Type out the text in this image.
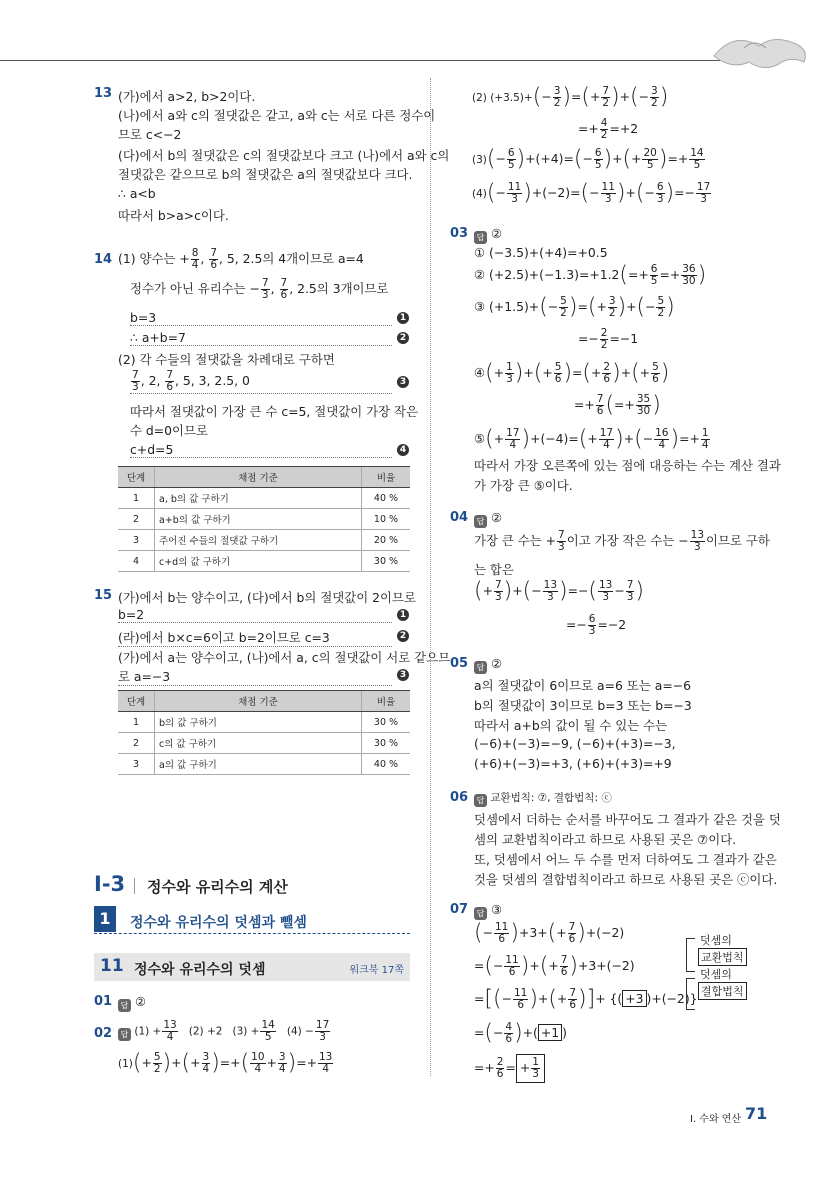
13 (가)에서 a>2, b>2이다.
(나)에서 a와 c의 절댓값은 같고, a와 c는 서로 다른 정수이
므로 c<−2
(다)에서 b의 절댓값은 c의 절댓값보다 크고 (나)에서 a와 c의
절댓값은 같으므로 b의 절댓값은 a의 절댓값보다 크다.
∴ a<b
따라서 b>a>c이다.
14 (1) 양수는 + $\frac{8}{4}$ , $\frac{7}{6}$ , 5, 2.5의 4개이므로 a=4
정수가 아닌 유리수는 − $\frac{7}{3}$ , $\frac{7}{6}$ , 2.5의 3개이므로
b=3	1
∴ a+b=7	2
(2) 각 수들의 절댓값을 차례대로 구하면
$\frac{7}{3}$ , 2, $\frac{7}{6}$ , 5, 3, 2.5, 0	3
따라서 절댓값이 가장 큰 수 c=5, 절댓값이 가장 작은
수 d=0이므로
c+d=5	4
단계	채점 기준	비율
1	a, b의 값 구하기	40 %
2	a+b의 값 구하기	10 %
3	주어진 수들의 절댓값 구하기	20 %
4	c+d의 값 구하기	30 %
15 (가)에서 b는 양수이고, (다)에서 b의 절댓값이 2이므로
b=2	1
(라)에서 b×c=6이고 b=2이므로 c=3	2
(가)에서 a는 양수이고, (나)에서 a, c의 절댓값이 서로 같으므
로 a=−3	3
단계	채점 기준	비율
1	b의 값 구하기	30 %
2	c의 값 구하기	30 %
3	a의 값 구하기	40 %
I-3 정수와 유리수의 계산
1	정수와 유리수의 덧셈과 뺄셈
11 정수와 유리수의 덧셈	워크북 17쪽
01	답 ②
02	답 $(1) + \frac{13}{4} (2) +2$ $(3) + \frac{14}{5} (4) - \frac{17}{3}$
$(1)(+ \frac{5}{2}$ )+(+ $\frac{3}{4}$ )=+( $\frac{10}{4} + \frac{3}{4}$ )=+ $\frac{13}{4}$
(2) $(+3.5)+(- \frac{3}{2}$ )=(+ $\frac{7}{2}$ )+(− $\frac{3}{2}$ )
=+ $\frac{4}{2} =+2$
$(3)(- \frac{6}{5} )+(+4)=(- \frac{6}{5}$ )+(+ $\frac{20}{5}$ )=+ $\frac{14}{5}$
$(4)(- \frac{11}{3} )+(-2)=(- \frac{11}{3}$ )+(− $\frac{6}{3}$ )=− $\frac{17}{3}$
03	답 ②
① (−3.5)+(+4)=+0.5
② $(+2.5)+(-1.3)=+1.2(=+ \frac{6}{5} =+ \frac{36}{30}$ )
③ $(+1.5)+(- \frac{5}{2}$ )=(+ $\frac{3}{2}$ )+(− $\frac{5}{2}$ )
=− $\frac{2}{2} =-1$
④(+ $\frac{1}{3}$ )+(+ $\frac{5}{6}$ )=(+ $\frac{2}{6}$ )+(+ $\frac{5}{6}$ )
=+ $\frac{7}{6}$ (=+ $\frac{35}{30}$ )
⑤(+ $\frac{17}{4} )+(-4)=(+ \frac{17}{4}$ )+(− $\frac{16}{4}$ )=+ $\frac{1}{4}$
따라서 가장 오른쪽에 있는 점에 대응하는 수는 계산 결과
가 가장 큰 ⑤이다.
04	답 ②
가장 큰 수는 + $\frac{7}{3}$ 이고 가장 작은 수는 − $\frac{13}{3}$ 이므로 구하
는 합은
(+ $\frac{7}{3}$ )+(− $\frac{13}{3}$ )=−( $\frac{13}{3} - \frac{7}{3}$ )
=− $\frac{6}{3} =-2$
05	답 ②
a의 절댓값이 6이므로 a=6 또는 a=−6
b의 절댓값이 3이므로 b=3 또는 b=−3
따라서 a+b의 값이 될 수 있는 수는
(−6)+(−3)=−9, (−6)+(+3)=−3,
(+6)+(−3)=+3, (+6)+(+3)=+9
06	답 교환법칙: ⑦, 결합법칙: ⓒ
덧셈에서 더하는 순서를 바꾸어도 그 결과가 같은 것을 덧
셈의 교환법칙이라고 하므로 사용된 곳은 ⑦이다.
또, 덧셈에서 어느 두 수를 먼저 더하여도 그 결과가 같은
것을 덧셈의 결합법칙이라고 하므로 사용된 곳은 ⓒ이다.
07	답 ③
(− $\frac{11}{6} )+3+(+ \frac{7}{6} )+(-2)$
=(− $\frac{11}{6}$ )+(+ $\frac{7}{6} )+3+(-2)$
=[(− $\frac{11}{6}$ )+(+ $\frac{7}{6}$ )]+ {( +3 )+(−2)}
=(− $\frac{4}{6}$ )+( +1 )
=+ $\frac{2}{6}$ = + $\frac{1}{3}$
덧셈의
교환법칙
덧셈의
결합법칙
I. 수와 연산 71
